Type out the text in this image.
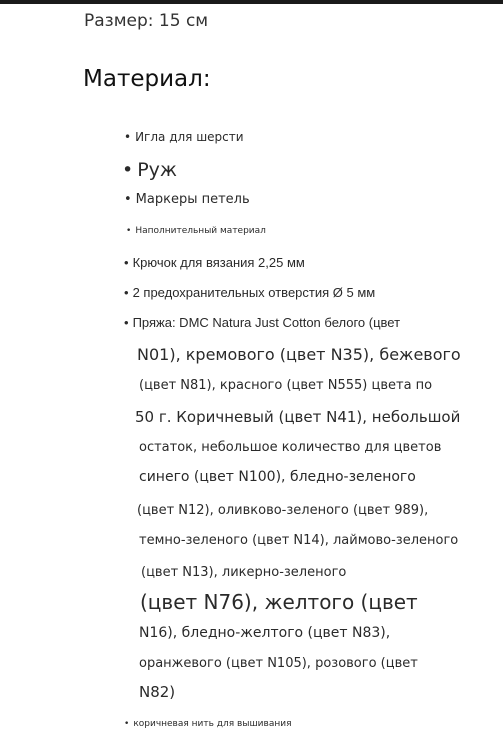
Размер: 15 см
Материал:
• Игла для шерсти
• Руж
• Маркеры петель
• Наполнительный материал
• Крючок для вязания 2,25 мм
• 2 предохранительных отверстия Ø 5 мм
• Пряжа: DMC Natura Just Cotton белого (цвет
N01), кремового (цвет N35), бежевого
(цвет N81), красного (цвет N555) цвета по
50 г. Коричневый (цвет N41), небольшой
остаток, небольшое количество для цветов
синего (цвет N100), бледно-зеленого
(цвет N12), оливково-зеленого (цвет 989),
темно-зеленого (цвет N14), лаймово-зеленого
(цвет N13), ликерно-зеленого
(цвет N76), желтого (цвет
N16), бледно-желтого (цвет N83),
оранжевого (цвет N105), розового (цвет
N82)
• коричневая нить для вышивания
